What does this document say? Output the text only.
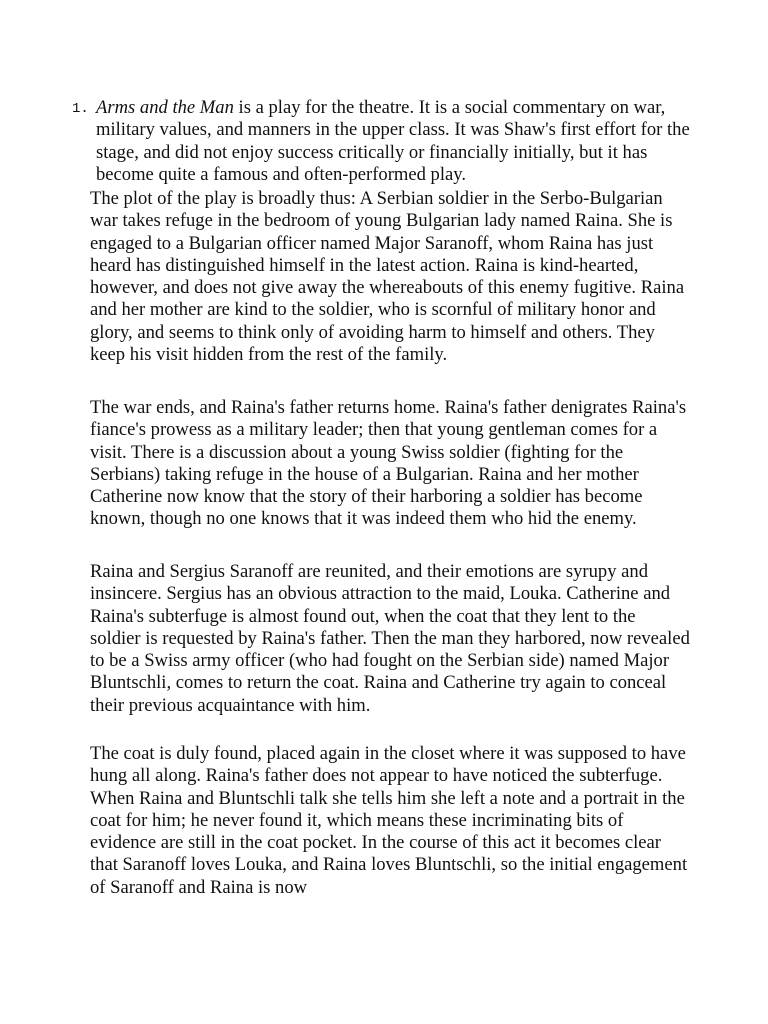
1. Arms and the Man is a play for the theatre. It is a social commentary on war, military values, and manners in the upper class. It was Shaw's first effort for the stage, and did not enjoy success critically or financially initially, but it has become quite a famous and often-performed play.

The plot of the play is broadly thus: A Serbian soldier in the Serbo-Bulgarian war takes refuge in the bedroom of young Bulgarian lady named Raina. She is engaged to a Bulgarian officer named Major Saranoff, whom Raina has just heard has distinguished himself in the latest action. Raina is kind-hearted, however, and does not give away the whereabouts of this enemy fugitive. Raina and her mother are kind to the soldier, who is scornful of military honor and glory, and seems to think only of avoiding harm to himself and others. They keep his visit hidden from the rest of the family.

The war ends, and Raina's father returns home. Raina's father denigrates Raina's fiance's prowess as a military leader; then that young gentleman comes for a visit. There is a discussion about a young Swiss soldier (fighting for the Serbians) taking refuge in the house of a Bulgarian. Raina and her mother Catherine now know that the story of their harboring a soldier has become known, though no one knows that it was indeed them who hid the enemy.

Raina and Sergius Saranoff are reunited, and their emotions are syrupy and insincere. Sergius has an obvious attraction to the maid, Louka. Catherine and Raina's subterfuge is almost found out, when the coat that they lent to the soldier is requested by Raina's father. Then the man they harbored, now revealed to be a Swiss army officer (who had fought on the Serbian side) named Major Bluntschli, comes to return the coat. Raina and Catherine try again to conceal their previous acquaintance with him.

The coat is duly found, placed again in the closet where it was supposed to have hung all along. Raina's father does not appear to have noticed the subterfuge. When Raina and Bluntschli talk she tells him she left a note and a portrait in the coat for him; he never found it, which means these incriminating bits of evidence are still in the coat pocket. In the course of this act it becomes clear that Saranoff loves Louka, and Raina loves Bluntschli, so the initial engagement of Saranoff and Raina is now
